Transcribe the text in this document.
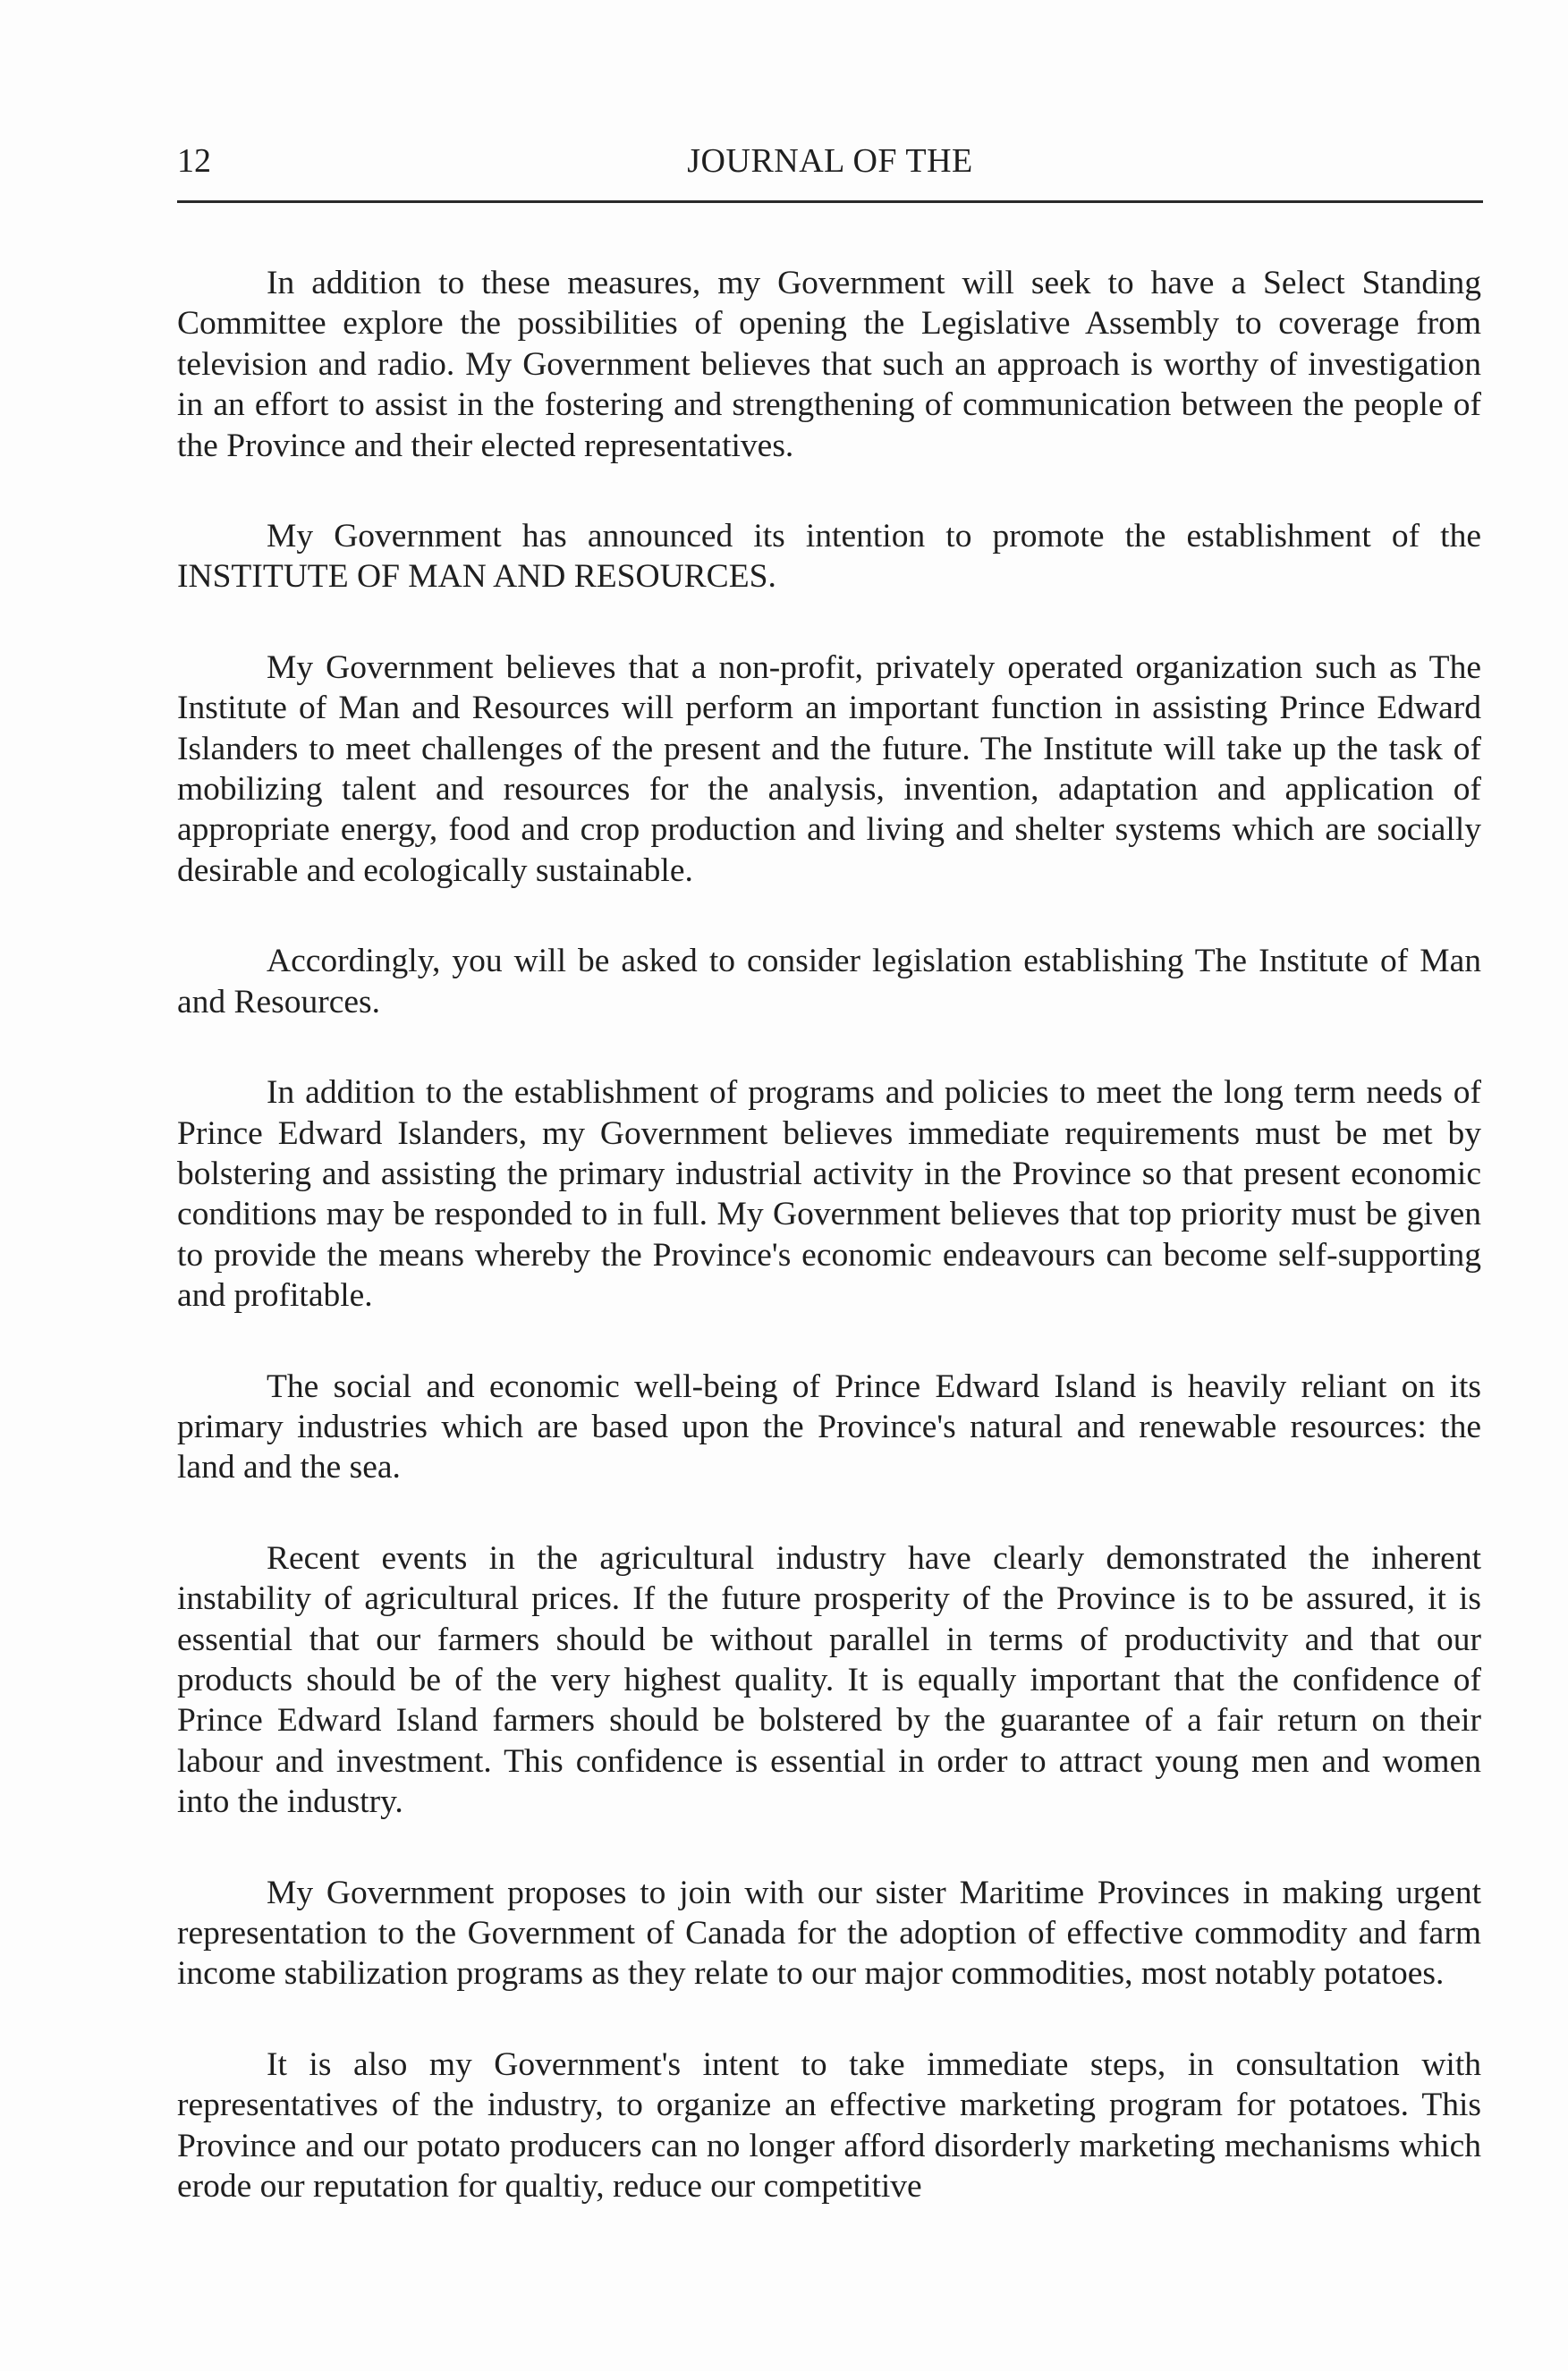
12	JOURNAL OF THE

In addition to these measures, my Government will seek to have a Select Standing Committee explore the possibilities of opening the Legislative Assembly to coverage from television and radio. My Government believes that such an approach is worthy of investigation in an effort to assist in the fostering and strengthening of communication between the people of the Province and their elected representatives.

My Government has announced its intention to promote the establishment of the INSTITUTE OF MAN AND RESOURCES.

My Government believes that a non-profit, privately operated organization such as The Institute of Man and Resources will perform an important function in assisting Prince Edward Islanders to meet challenges of the present and the future. The Institute will take up the task of mobilizing talent and resources for the analysis, invention, adaptation and application of appropriate energy, food and crop production and living and shelter systems which are socially desirable and ecologically sustainable.

Accordingly, you will be asked to consider legislation establishing The Institute of Man and Resources.

In addition to the establishment of programs and policies to meet the long term needs of Prince Edward Islanders, my Government believes immediate requirements must be met by bolstering and assisting the primary industrial activity in the Province so that present economic conditions may be responded to in full. My Government believes that top priority must be given to provide the means whereby the Province's economic endeavours can become self-supporting and profitable.

The social and economic well-being of Prince Edward Island is heavily reliant on its primary industries which are based upon the Province's natural and renewable resources: the land and the sea.

Recent events in the agricultural industry have clearly demonstrated the inherent instability of agricultural prices. If the future prosperity of the Province is to be assured, it is essential that our farmers should be without parallel in terms of productivity and that our products should be of the very highest quality. It is equally important that the confidence of Prince Edward Island farmers should be bolstered by the guarantee of a fair return on their labour and investment. This confidence is essential in order to attract young men and women into the industry.

My Government proposes to join with our sister Maritime Provinces in making urgent representation to the Government of Canada for the adoption of effective commodity and farm income stabilization programs as they relate to our major commodities, most notably potatoes.

It is also my Government's intent to take immediate steps, in consultation with representatives of the industry, to organize an effective marketing program for potatoes. This Province and our potato producers can no longer afford disorderly marketing mechanisms which erode our reputation for qualtiy, reduce our competitive
